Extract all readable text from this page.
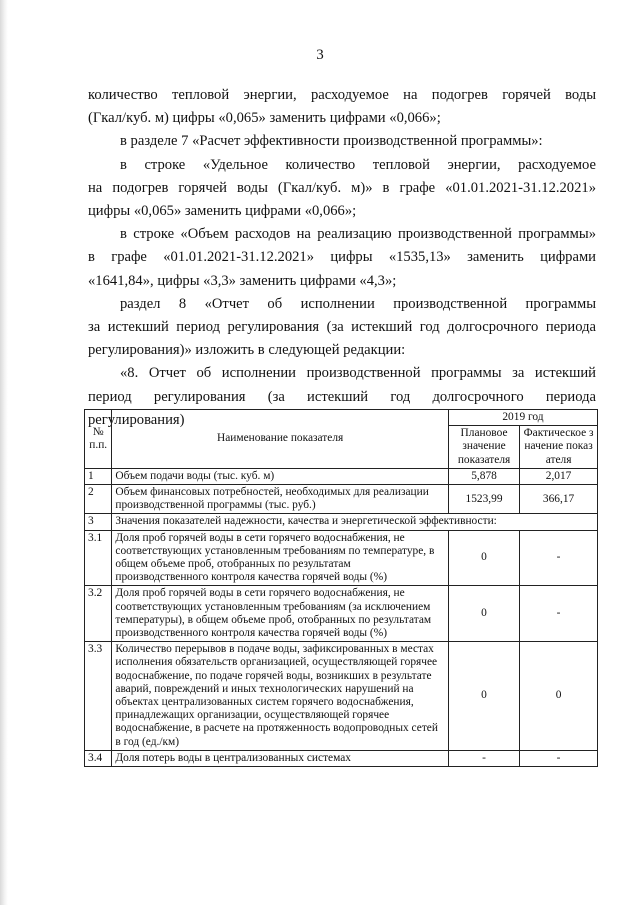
3

количество тепловой энергии, расходуемое на подогрев горячей воды

(Гкал/куб. м) цифры «0,065» заменить цифрами «0,066»;

в разделе 7 «Расчет эффективности производственной программы»:

в строке «Удельное количество тепловой энергии, расходуемое

на подогрев горячей воды (Гкал/куб. м)» в графе «01.01.2021-31.12.2021»

цифры «0,065» заменить цифрами «0,066»;

в строке «Объем расходов на реализацию производственной программы»

в графе «01.01.2021-31.12.2021» цифры «1535,13» заменить цифрами

«1641,84», цифры «3,3» заменить цифрами «4,3»;

раздел 8 «Отчет об исполнении производственной программы

за истекший период регулирования (за истекший год долгосрочного периода

регулирования)» изложить в следующей редакции:

«8. Отчет об исполнении производственной программы за истекший

период регулирования (за истекший год долгосрочного периода

регулирования)

№
п.п.	Наименование показателя	2019 год	
		Плановое значение показателя	Фактическое значение показателя
1	Объем подачи воды (тыс. куб. м)	5,878	2,017
2	Объем финансовых потребностей, необходимых для реализации производственной программы (тыс. руб.)	1523,99	366,17
3	Значения показателей надежности, качества и энергетической эффективности:		
3.1	Доля проб горячей воды в сети горячего водоснабжения, не соответствующих установленным требованиям по температуре, в общем объеме проб, отобранных по результатам производственного контроля качества горячей воды (%)	0	-
3.2	Доля проб горячей воды в сети горячего водоснабжения, не соответствующих установленным требованиям (за исключением температуры), в общем объеме проб, отобранных по результатам производственного контроля качества горячей воды (%)	0	-
3.3	Количество перерывов в подаче воды, зафиксированных в местах исполнения обязательств организацией, осуществляющей горячее водоснабжение, по подаче горячей воды, возникших в результате аварий, повреждений и иных технологических нарушений на объектах централизованных систем горячего водоснабжения, принадлежащих организации, осуществляющей горячее водоснабжение, в расчете на протяженность водопроводных сетей в год (ед./км)	0	0
3.4	Доля потерь воды в централизованных системах	-	-
